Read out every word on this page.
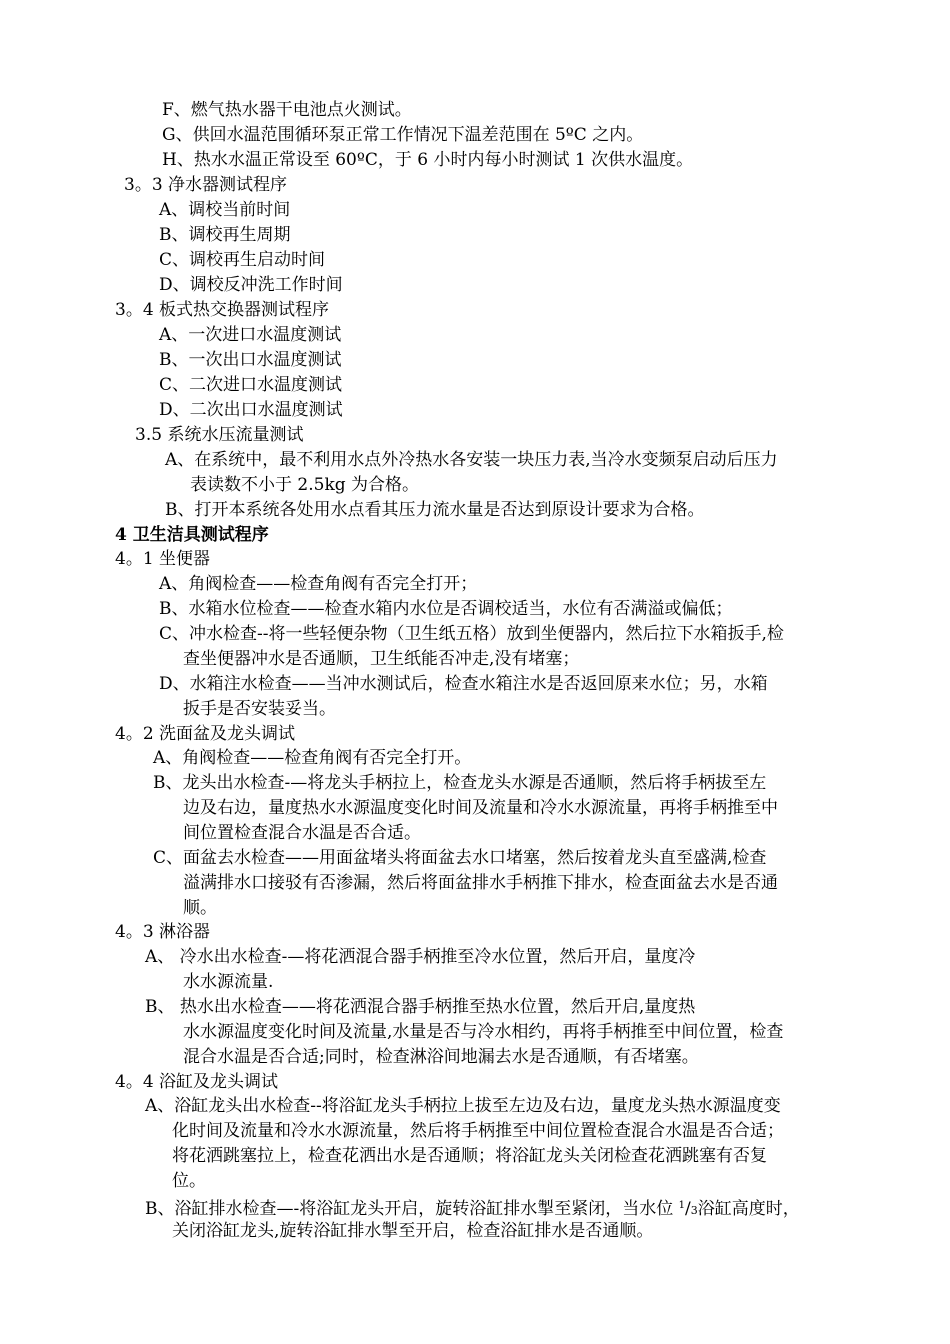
F、燃气热水器干电池点火测试。
G、供回水温范围循环泵正常工作情况下温差范围在 5ºC 之内。
H、热水水温正常设至 60ºC，于 6 小时内每小时测试 1 次供水温度。
3。3 净水器测试程序
A、调校当前时间
B、调校再生周期
C、调校再生启动时间
D、调校反冲洗工作时间
3。4 板式热交换器测试程序
A、一次进口水温度测试
B、一次出口水温度测试
C、二次进口水温度测试
D、二次出口水温度测试
3.5 系统水压流量测试
A、在系统中，最不利用水点外冷热水各安装一块压力表,当冷水变频泵启动后压力
表读数不小于 2.5kg 为合格。
B、打开本系统各处用水点看其压力流水量是否达到原设计要求为合格。
4 卫生洁具测试程序
4。1 坐便器
A、角阀检查——检查角阀有否完全打开；
B、水箱水位检查——检查水箱内水位是否调校适当，水位有否满溢或偏低；
C、冲水检查--将一些轻便杂物（卫生纸五格）放到坐便器内，然后拉下水箱扳手,检
查坐便器冲水是否通顺，卫生纸能否冲走,没有堵塞；
D、水箱注水检查——当冲水测试后，检查水箱注水是否返回原来水位；另，水箱
扳手是否安装妥当。
4。2 洗面盆及龙头调试
A、角阀检查——检查角阀有否完全打开。
B、龙头出水检查-—将龙头手柄拉上，检查龙头水源是否通顺，然后将手柄拔至左
边及右边，量度热水水源温度变化时间及流量和冷水水源流量，再将手柄推至中
间位置检查混合水温是否合适。
C、面盆去水检查——用面盆堵头将面盆去水口堵塞，然后按着龙头直至盛满,检查
溢满排水口接驳有否渗漏，然后将面盆排水手柄推下排水，检查面盆去水是否通
顺。
4。3 淋浴器
A、 冷水出水检查-—将花洒混合器手柄推至冷水位置，然后开启，量度冷
水水源流量.
B、 热水出水检查——将花洒混合器手柄推至热水位置，然后开启,量度热
水水源温度变化时间及流量,水量是否与冷水相约，再将手柄推至中间位置，检查
混合水温是否合适;同时，检查淋浴间地漏去水是否通顺，有否堵塞。
4。4 浴缸及龙头调试
A、浴缸龙头出水检查--将浴缸龙头手柄拉上拔至左边及右边，量度龙头热水源温度变
化时间及流量和冷水水源流量，然后将手柄推至中间位置检查混合水温是否合适；
将花洒跳塞拉上，检查花洒出水是否通顺；将浴缸龙头关闭检查花洒跳塞有否复
位。
B、浴缸排水检查—-将浴缸龙头开启，旋转浴缸排水掣至紧闭，当水位 $^1$/3浴缸高度时，
关闭浴缸龙头,旋转浴缸排水掣至开启，检查浴缸排水是否通顺。
